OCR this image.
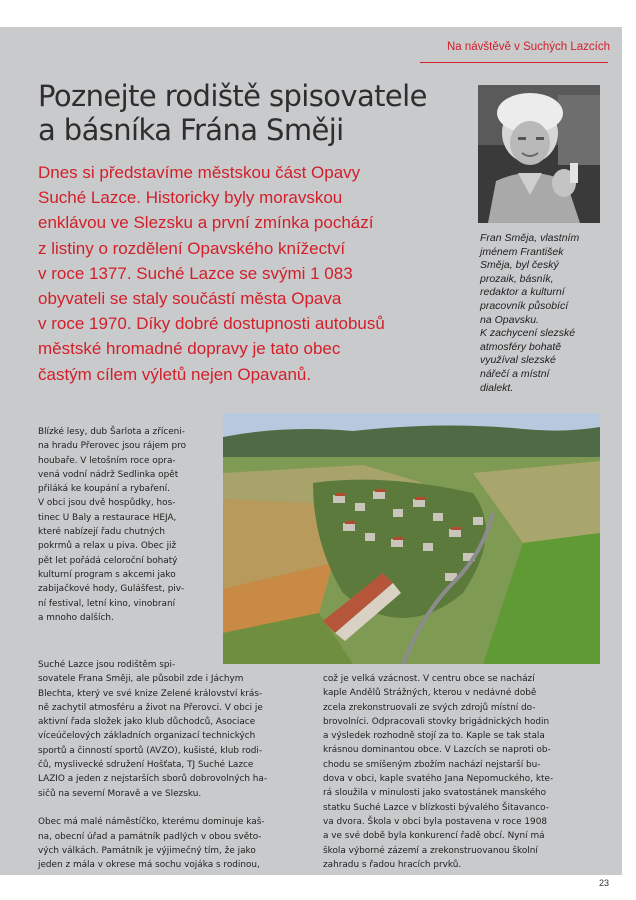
Na návštěvě v Suchých Lazcích
Poznejte rodiště spisovatele
a básníka Frána Směji
Dnes si představíme městskou část Opavy
Suché Lazce. Historicky byly moravskou
enklávou ve Slezsku a první zmínka pochází
z listiny o rozdělení Opavského knížectví
v roce 1377. Suché Lazce se svými 1 083
obyvateli se staly součástí města Opava
v roce 1970. Díky dobré dostupnosti autobusů
městské hromadné dopravy je tato obec
častým cílem výletů nejen Opavanů.
Fran Směja, vlastním
jménem František
Směja, byl český
prozaik, básník,
redaktor a kulturní
pracovník působící
na Opavsku.
K zachycení slezské
atmosféry bohatě
využíval slezské
nářečí a místní
dialekt.
Blízké lesy, dub Šarlota a zříceni-
na hradu Přerovec jsou rájem pro
houbaře. V letošním roce opra-
vená vodní nádrž Sedlinka opět
přiláká ke koupání a rybaření.
V obci jsou dvě hospůdky, hos-
tinec U Baly a restaurace HEJA,
které nabízejí řadu chutných
pokrmů a relax u piva. Obec již
pět let pořádá celoroční bohatý
kulturní program s akcemi jako
zabijačkové hody, Gulášfest, piv-
ní festival, letní kino, vinobraní
a mnoho dalších.
Suché Lazce jsou rodištěm spi-
sovatele Frana Směji, ale působil zde i Jáchym
Blechta, který ve své knize Zelené království krás-
ně zachytil atmosféru a život na Přerovci. V obci je
aktivní řada složek jako klub důchodců, Asociace
víceúčelových základních organizací technických
sportů a činností sportů (AVZO), kušisté, klub rodi-
čů, myslivecké sdružení Hošťata, TJ Suché Lazce
LAZIO a jeden z nejstarších sborů dobrovolných ha-
sičů na severní Moravě a ve Slezsku.
Obec má malé náměstíčko, kterému dominuje kaš-
na, obecní úřad a památník padlých v obou světo-
vých válkách. Památník je výjimečný tím, že jako
jeden z mála v okrese má sochu vojáka s rodinou,
což je velká vzácnost. V centru obce se nachází
kaple Andělů Strážných, kterou v nedávné době
zcela zrekonstruovali ze svých zdrojů místní do-
brovolníci. Odpracovali stovky brigádnických hodin
a výsledek rozhodně stojí za to. Kaple se tak stala
krásnou dominantou obce. V Lazcích se naproti ob-
chodu se smíšeným zbožím nachází nejstarší bu-
dova v obci, kaple svatého Jana Nepomuckého, kte-
rá sloužila v minulosti jako svatostánek manského
statku Suché Lazce v blízkosti bývalého Šitavanco-
va dvora. Škola v obci byla postavena v roce 1908
a ve své době byla konkurencí řadě obcí. Nyní má
škola výborné zázemí a zrekonstruovanou školní
zahradu s řadou hracích prvků.
23
